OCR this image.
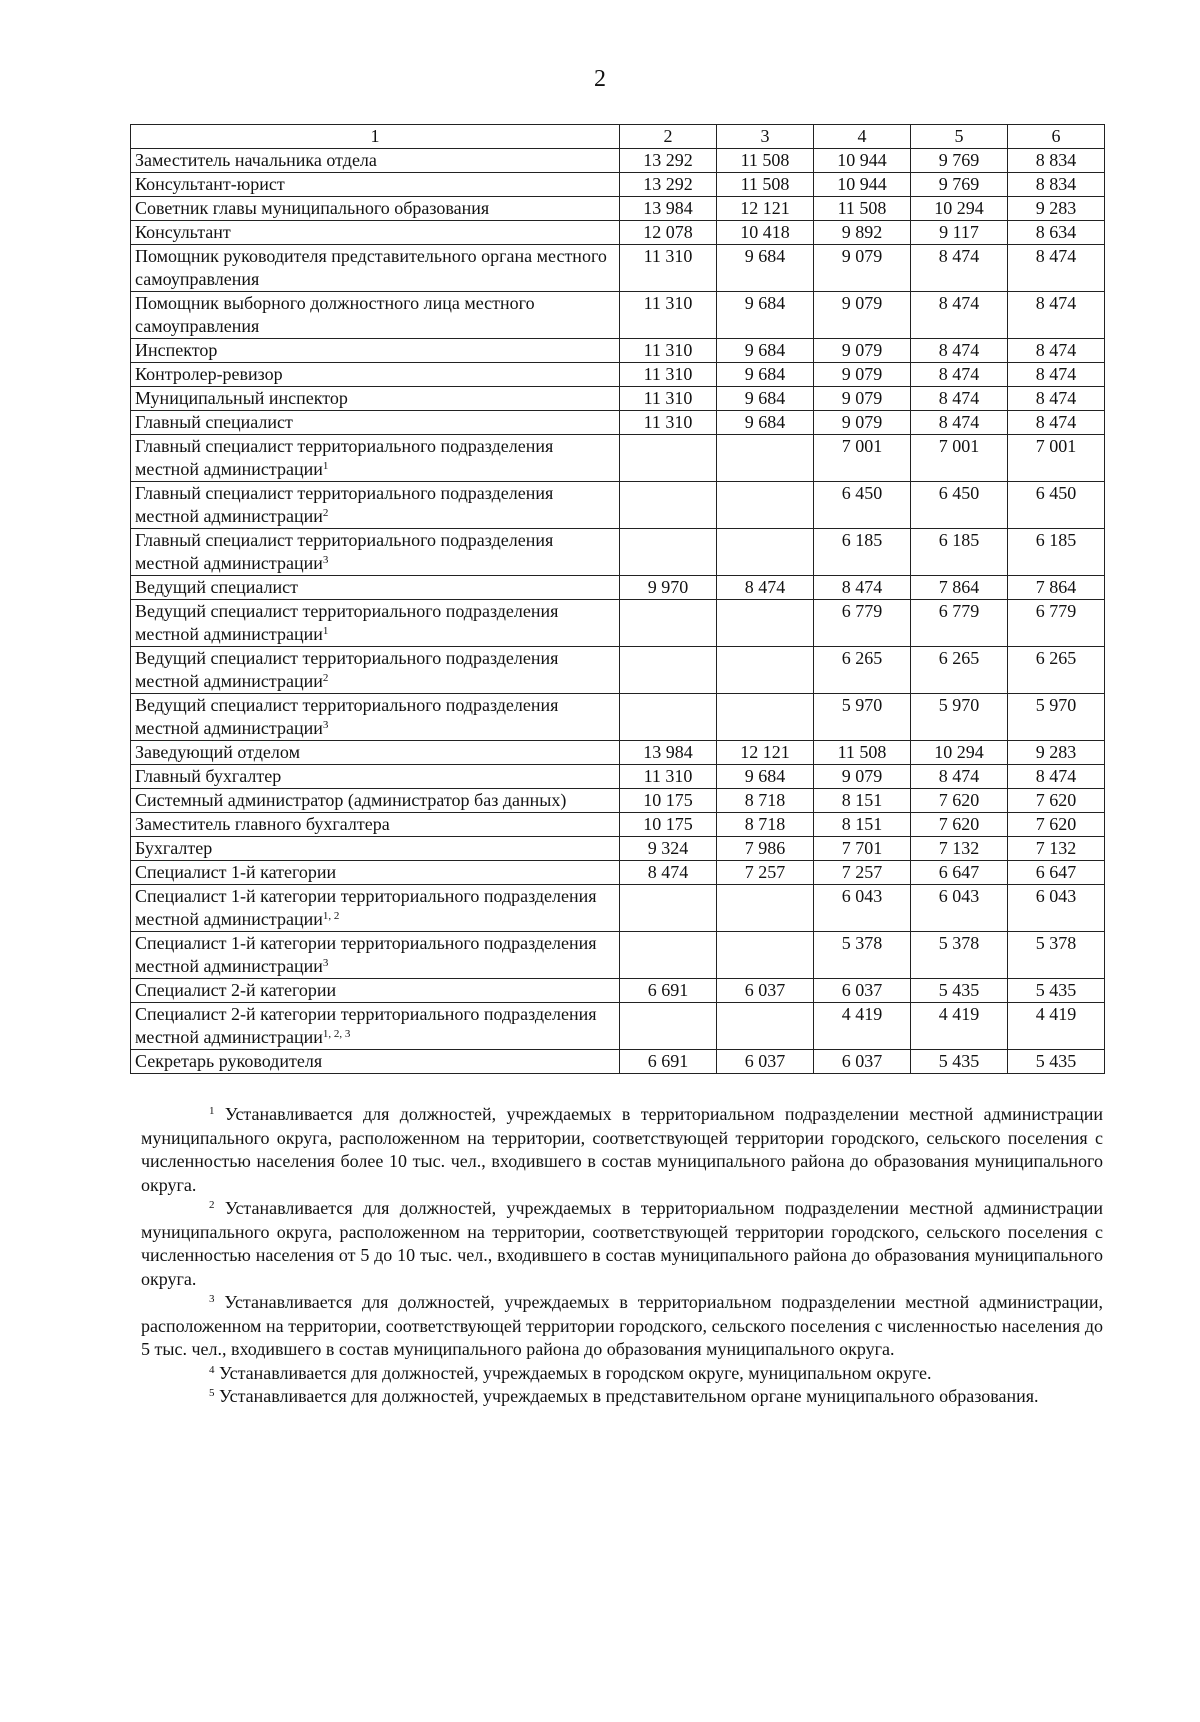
2
1	2	3	4	5	6
Заместитель начальника отдела	13 292	11 508	10 944	9 769	8 834
Консультант-юрист	13 292	11 508	10 944	9 769	8 834
Советник главы муниципального образования	13 984	12 121	11 508	10 294	9 283
Консультант	12 078	10 418	9 892	9 117	8 634
Помощник руководителя представительного органа местного самоуправления	11 310	9 684	9 079	8 474	8 474
Помощник выборного должностного лица местного самоуправления	11 310	9 684	9 079	8 474	8 474
Инспектор	11 310	9 684	9 079	8 474	8 474
Контролер-ревизор	11 310	9 684	9 079	8 474	8 474
Муниципальный инспектор	11 310	9 684	9 079	8 474	8 474
Главный специалист	11 310	9 684	9 079	8 474	8 474
Главный специалист территориального подразделения местной администрации$^1$			7 001	7 001	7 001
Главный специалист территориального подразделения местной администрации$^2$			6 450	6 450	6 450
Главный специалист территориального подразделения местной администрации$^3$			6 185	6 185	6 185
Ведущий специалист	9 970	8 474	8 474	7 864	7 864
Ведущий специалист территориального подразделения местной администрации$^1$			6 779	6 779	6 779
Ведущий специалист территориального подразделения местной администрации$^2$			6 265	6 265	6 265
Ведущий специалист территориального подразделения местной администрации$^3$			5 970	5 970	5 970
Заведующий отделом	13 984	12 121	11 508	10 294	9 283
Главный бухгалтер	11 310	9 684	9 079	8 474	8 474
Системный администратор (администратор баз данных)	10 175	8 718	8 151	7 620	7 620
Заместитель главного бухгалтера	10 175	8 718	8 151	7 620	7 620
Бухгалтер	9 324	7 986	7 701	7 132	7 132
Специалист 1-й категории	8 474	7 257	7 257	6 647	6 647
Специалист 1-й категории территориального подразделения местной администрации$^{1, 2}$			6 043	6 043	6 043
Специалист 1-й категории территориального подразделения местной администрации$^3$			5 378	5 378	5 378
Специалист 2-й категории	6 691	6 037	6 037	5 435	5 435
Специалист 2-й категории территориального подразделения местной администрации$^{1, 2, 3}$			4 419	4 419	4 419
Секретарь руководителя	6 691	6 037	6 037	5 435	5 435

$^1$ Устанавливается для должностей, учреждаемых в территориальном подразделении местной администрации муниципального округа, расположенном на территории, соответствующей территории городского, сельского поселения с численностью населения более 10 тыс. чел., входившего в состав муниципального района до образования муниципального округа.

$^2$ Устанавливается для должностей, учреждаемых в территориальном подразделении местной администрации муниципального округа, расположенном на территории, соответствующей территории городского, сельского поселения с численностью населения от 5 до 10 тыс. чел., входившего в состав муниципального района до образования муниципального округа.

$^3$ Устанавливается для должностей, учреждаемых в территориальном подразделении местной администрации, расположенном на территории, соответствующей территории городского, сельского поселения с численностью населения до 5 тыс. чел., входившего в состав муниципального района до образования муниципального округа.

$^4$ Устанавливается для должностей, учреждаемых в городском округе, муниципальном округе.

$^5$ Устанавливается для должностей, учреждаемых в представительном органе муниципального образования.
